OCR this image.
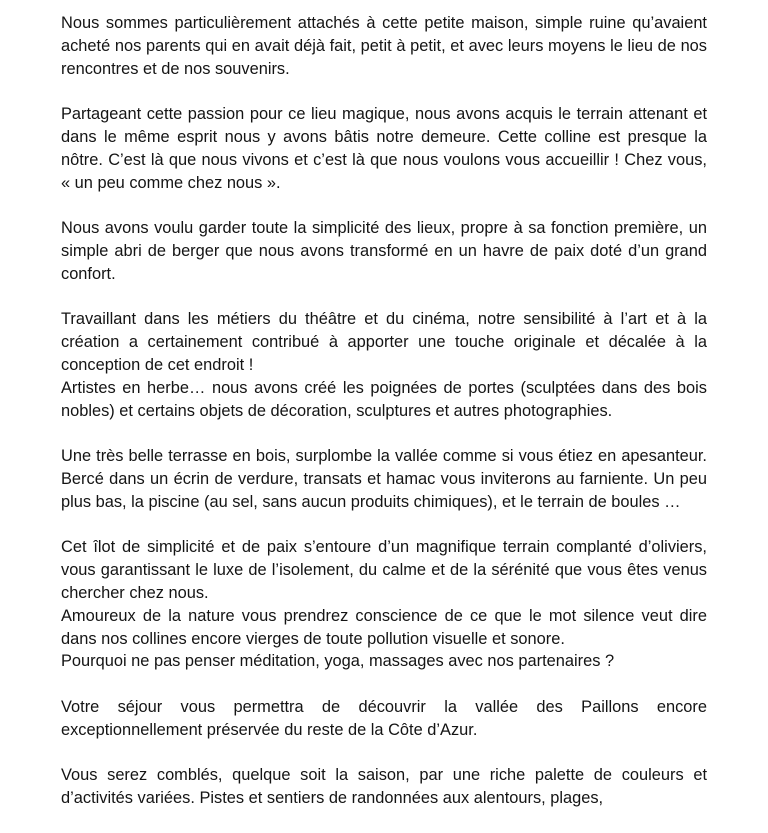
Nous sommes particulièrement attachés à cette petite maison, simple ruine qu’avaient acheté nos parents qui en avait déjà fait, petit à petit, et avec leurs moyens le lieu de nos rencontres et de nos souvenirs.

Partageant cette passion pour ce lieu magique, nous avons acquis le terrain attenant et dans le même esprit nous y avons bâtis notre demeure. Cette colline est presque la nôtre. C’est là que nous vivons et c’est là que nous voulons vous accueillir ! Chez vous, « un peu comme chez nous ».

Nous avons voulu garder toute la simplicité des lieux, propre à sa fonction première, un simple abri de berger que nous avons transformé en un havre de paix doté d’un grand confort.

Travaillant dans les métiers du théâtre et du cinéma, notre sensibilité à l’art et à la création a certainement contribué à apporter une touche originale et décalée à la conception de cet endroit !

Artistes en herbe… nous avons créé les poignées de portes (sculptées dans des bois nobles) et certains objets de décoration, sculptures et autres photographies.

Une très belle terrasse en bois, surplombe la vallée comme si vous étiez en apesanteur. Bercé dans un écrin de verdure, transats et hamac vous inviterons au farniente. Un peu plus bas, la piscine (au sel, sans aucun produits chimiques), et le terrain de boules …

Cet îlot de simplicité et de paix s’entoure d’un magnifique terrain complanté d’oliviers, vous garantissant le luxe de l’isolement, du calme et de la sérénité que vous êtes venus chercher chez nous.

Amoureux de la nature vous prendrez conscience de ce que le mot silence veut dire dans nos collines encore vierges de toute pollution visuelle et sonore.

Pourquoi ne pas penser méditation, yoga, massages avec nos partenaires ?

Votre séjour vous permettra de découvrir la vallée des Paillons encore exceptionnellement préservée du reste de la Côte d’Azur.

Vous serez comblés, quelque soit la saison, par une riche palette de couleurs et d’activités variées. Pistes et sentiers de randonnées aux alentours, plages,
